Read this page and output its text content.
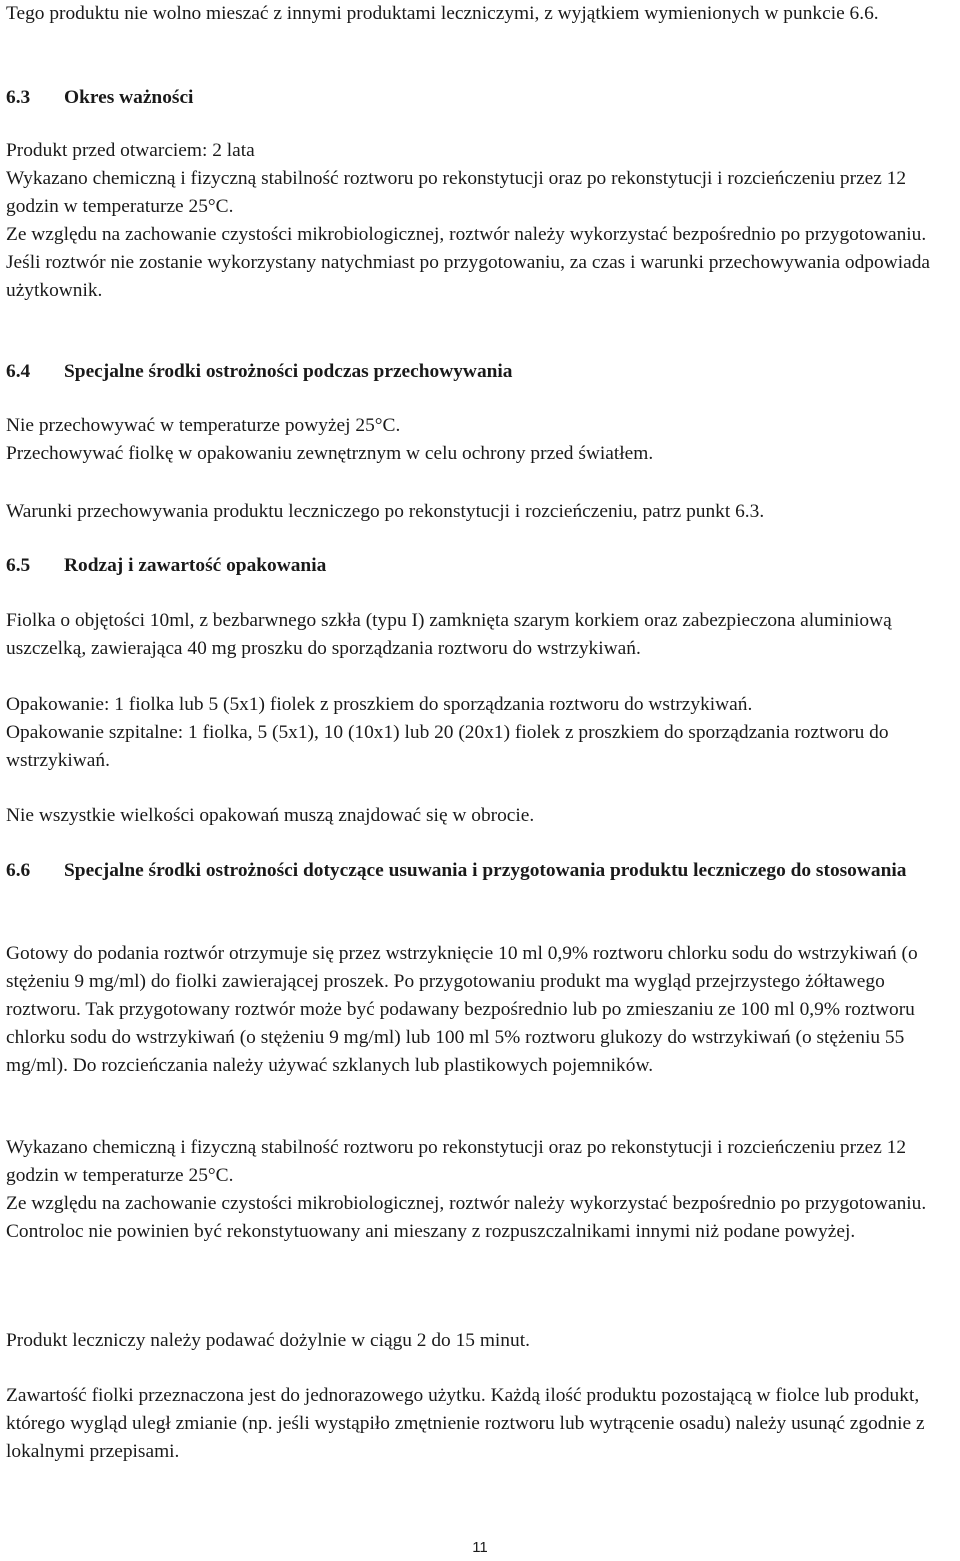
Tego produktu nie wolno mieszać z innymi produktami leczniczymi, z wyjątkiem wymienionych w punkcie 6.6.

6.3 Okres ważności

Produkt przed otwarciem: 2 lata

Wykazano chemiczną i fizyczną stabilność roztworu po rekonstytucji oraz po rekonstytucji i rozcieńczeniu przez 12 godzin w temperaturze 25°C.

Ze względu na zachowanie czystości mikrobiologicznej, roztwór należy wykorzystać bezpośrednio po przygotowaniu.

Jeśli roztwór nie zostanie wykorzystany natychmiast po przygotowaniu, za czas i warunki przechowywania odpowiada użytkownik.

6.4 Specjalne środki ostrożności podczas przechowywania

Nie przechowywać w temperaturze powyżej 25°C.

Przechowywać fiolkę w opakowaniu zewnętrznym w celu ochrony przed światłem.

Warunki przechowywania produktu leczniczego po rekonstytucji i rozcieńczeniu, patrz punkt 6.3.

6.5 Rodzaj i zawartość opakowania

Fiolka o objętości 10ml, z bezbarwnego szkła (typu I) zamknięta szarym korkiem oraz zabezpieczona aluminiową uszczelką, zawierająca 40 mg proszku do sporządzania roztworu do wstrzykiwań.

Opakowanie: 1 fiolka lub 5 (5x1) fiolek z proszkiem do sporządzania roztworu do wstrzykiwań.

Opakowanie szpitalne: 1 fiolka, 5 (5x1), 10 (10x1) lub 20 (20x1) fiolek z proszkiem do sporządzania roztworu do wstrzykiwań.

Nie wszystkie wielkości opakowań muszą znajdować się w obrocie.

6.6	Specjalne środki ostrożności dotyczące usuwania i przygotowania produktu leczniczego do stosowania

Gotowy do podania roztwór otrzymuje się przez wstrzyknięcie 10 ml 0,9% roztworu chlorku sodu do wstrzykiwań (o stężeniu 9 mg/ml) do fiolki zawierającej proszek. Po przygotowaniu produkt ma wygląd przejrzystego żółtawego roztworu. Tak przygotowany roztwór może być podawany bezpośrednio lub po zmieszaniu ze 100 ml 0,9% roztworu chlorku sodu do wstrzykiwań (o stężeniu 9 mg/ml) lub 100 ml 5% roztworu glukozy do wstrzykiwań (o stężeniu 55 mg/ml). Do rozcieńczania należy używać szklanych lub plastikowych pojemników.

Wykazano chemiczną i fizyczną stabilność roztworu po rekonstytucji oraz po rekonstytucji i rozcieńczeniu przez 12 godzin w temperaturze 25°C.

Ze względu na zachowanie czystości mikrobiologicznej, roztwór należy wykorzystać bezpośrednio po przygotowaniu.

Controloc nie powinien być rekonstytuowany ani mieszany z rozpuszczalnikami innymi niż podane powyżej.

Produkt leczniczy należy podawać dożylnie w ciągu 2 do 15 minut.

Zawartość fiolki przeznaczona jest do jednorazowego użytku. Każdą ilość produktu pozostającą w fiolce lub produkt, którego wygląd uległ zmianie (np. jeśli wystąpiło zmętnienie roztworu lub wytrącenie osadu) należy usunąć zgodnie z lokalnymi przepisami.

11
